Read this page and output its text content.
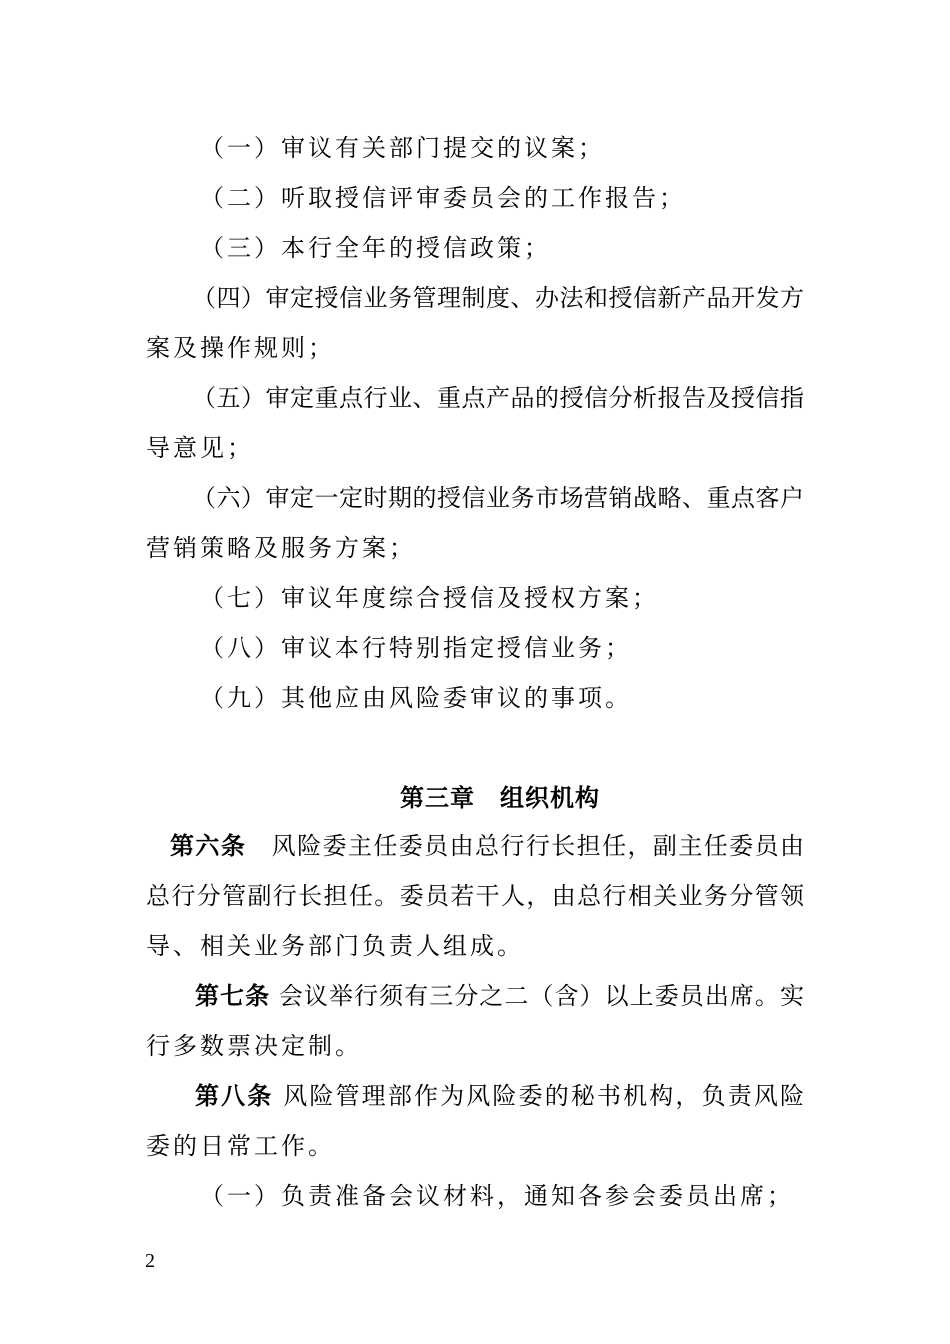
（一）审议有关部门提交的议案；
（二）听取授信评审委员会的工作报告；
（三）本行全年的授信政策；
（四）审定授信业务管理制度、办法和授信新产品开发方
案及操作规则；
（五）审定重点行业、重点产品的授信分析报告及授信指
导意见；
（六）审定一定时期的授信业务市场营销战略、重点客户
营销策略及服务方案；
（七）审议年度综合授信及授权方案；
（八）审议本行特别指定授信业务；
（九）其他应由风险委审议的事项。
第三章　组织机构
第六条　 风险委主任委员由总行行长担任，副主任委员由
总行分管副行长担任。委员若干人，由总行相关业务分管领
导、相关业务部门负责人组成。
第七条 会议举行须有三分之二（含）以上委员出席。实
行多数票决定制。
第八条 风险管理部作为风险委的秘书机构，负责风险
委的日常工作。
（一）负责准备会议材料，通知各参会委员出席；
2
